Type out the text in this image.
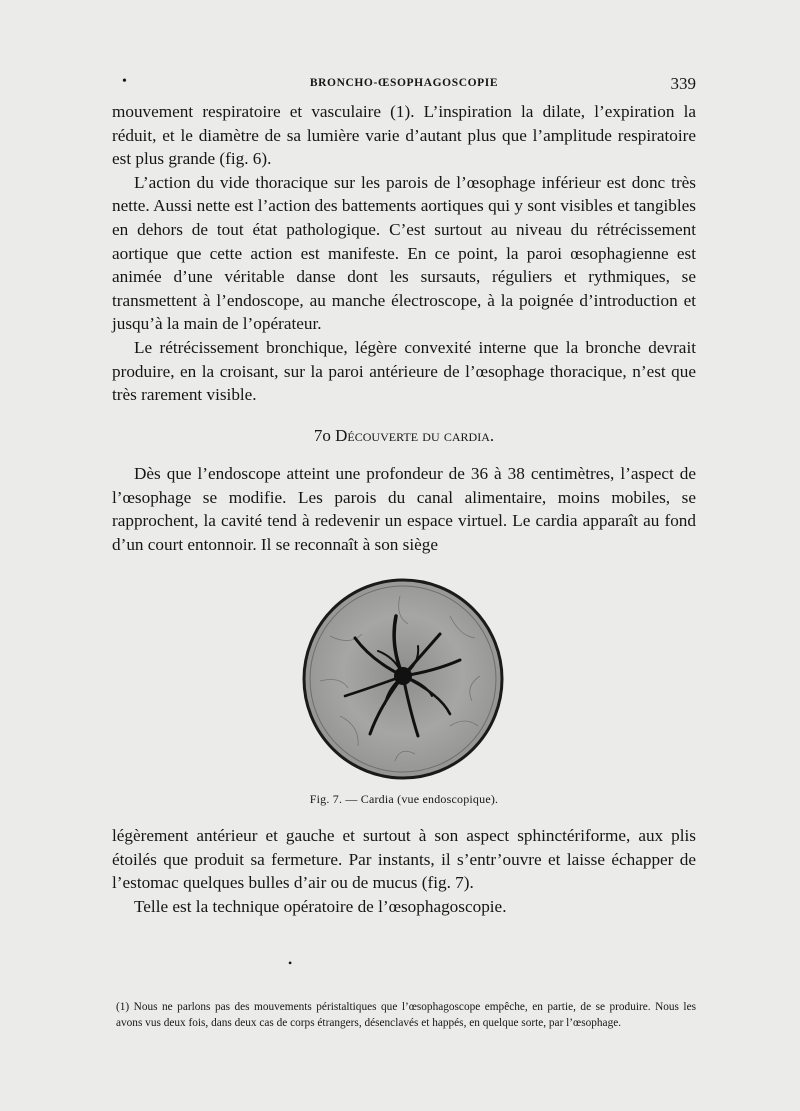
•	BRONCHO-ŒSOPHAGOSCOPIE	339

mouvement respiratoire et vasculaire (1). L’inspiration la dilate, l’expiration la réduit, et le diamètre de sa lumière varie d’autant plus que l’amplitude respiratoire est plus grande (fig. 6).

L’action du vide thoracique sur les parois de l’œsophage inférieur est donc très nette. Aussi nette est l’action des battements aortiques qui y sont visibles et tangibles en dehors de tout état pathologique. C’est surtout au niveau du rétrécissement aortique que cette action est manifeste. En ce point, la paroi œsophagienne est animée d’une véritable danse dont les sursauts, réguliers et rythmiques, se transmettent à l’endoscope, au manche électroscope, à la poignée d’introduction et jusqu’à la main de l’opérateur.

Le rétrécissement bronchique, légère convexité interne que la bronche devrait produire, en la croisant, sur la paroi antérieure de l’œsophage thoracique, n’est que très rarement visible.

7o Découverte du cardia.

Dès que l’endoscope atteint une profondeur de 36 à 38 centimètres, l’aspect de l’œsophage se modifie. Les parois du canal alimentaire, moins mobiles, se rapprochent, la cavité tend à redevenir un espace virtuel. Le cardia apparaît au fond d’un court entonnoir. Il se reconnaît à son siège

Fig. 7. — Cardia (vue endoscopique).

légèrement antérieur et gauche et surtout à son aspect sphinctériforme, aux plis étoilés que produit sa fermeture. Par instants, il s’entr’ouvre et laisse échapper de l’estomac quelques bulles d’air ou de mucus (fig. 7).

Telle est la technique opératoire de l’œsophagoscopie.

•

(1) Nous ne parlons pas des mouvements péristaltiques que l’œsophagoscope empêche, en partie, de se produire. Nous les avons vus deux fois, dans deux cas de corps étrangers, désenclavés et happés, en quelque sorte, par l’œsophage.
